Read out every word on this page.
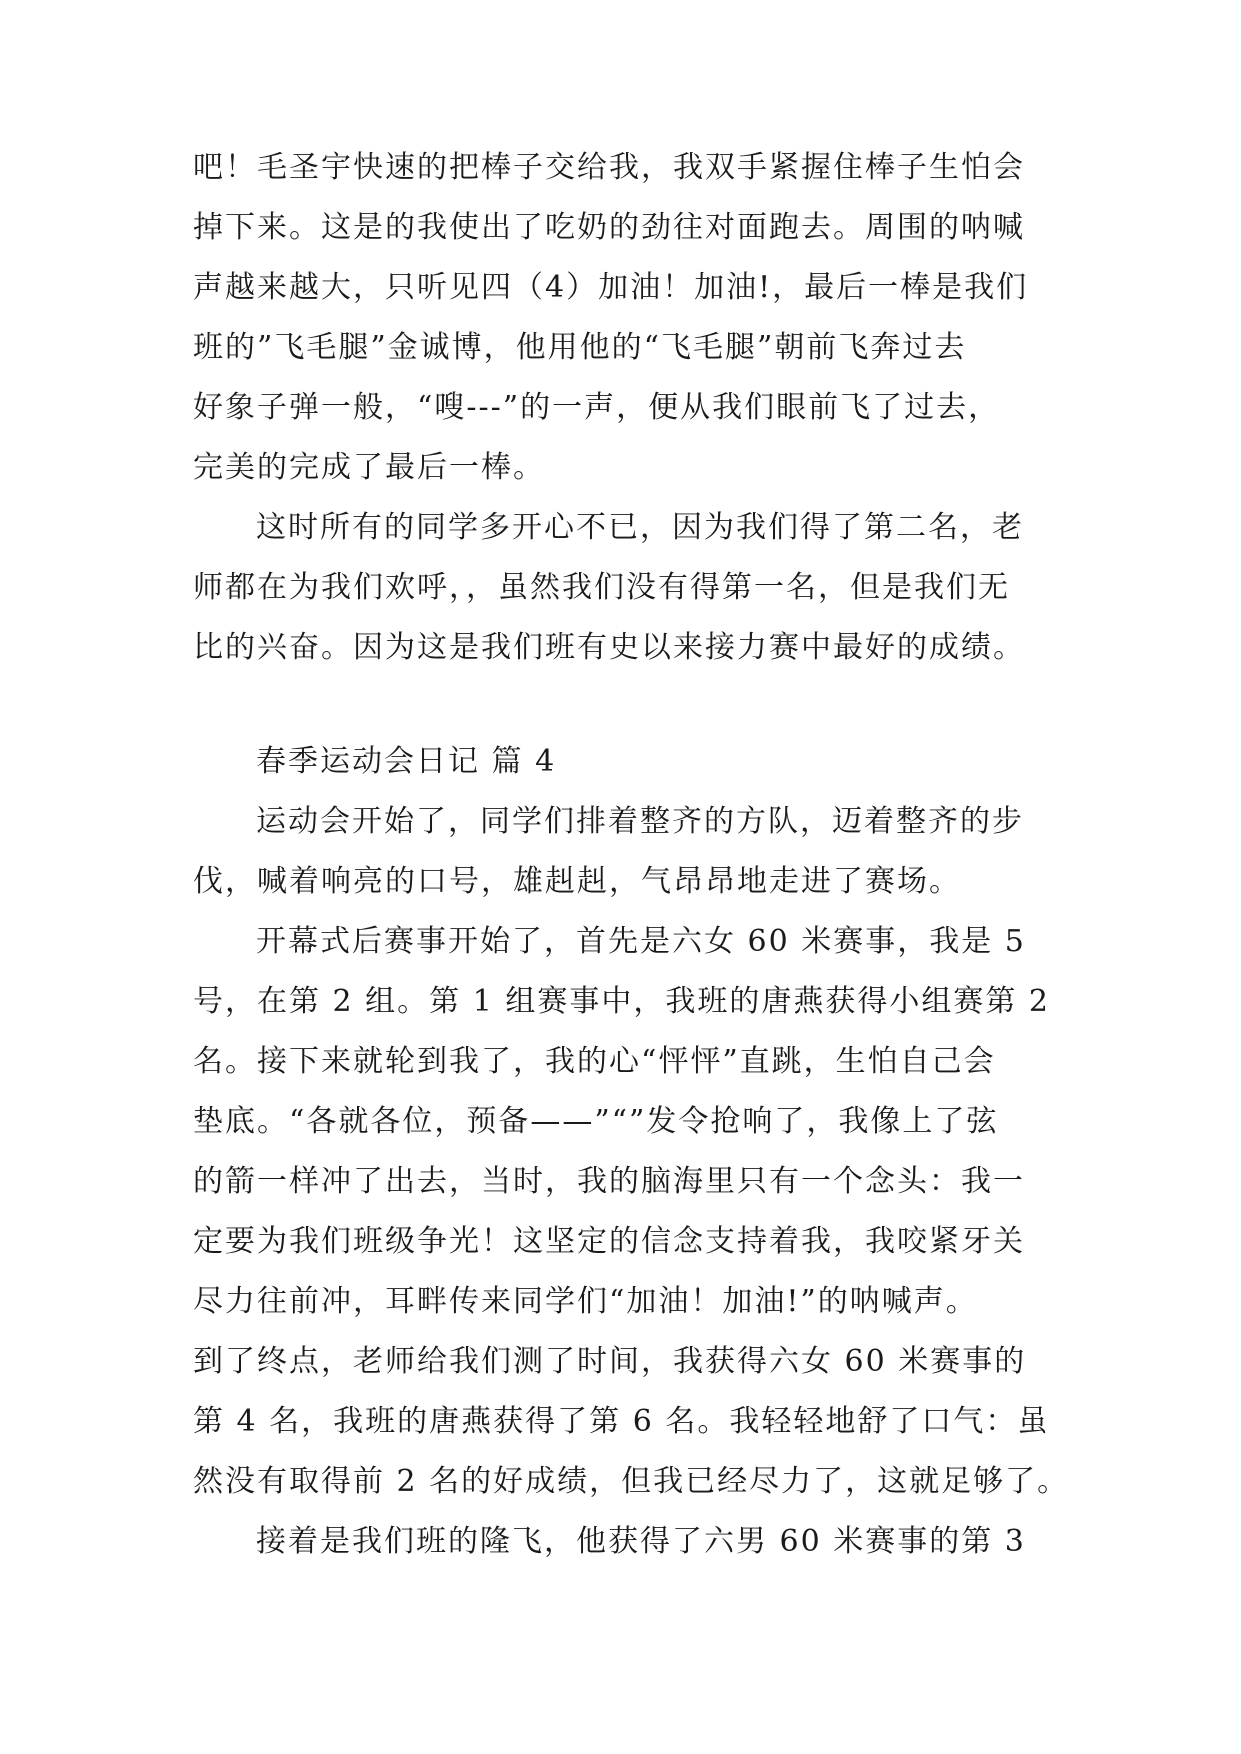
吧！毛圣宇快速的把棒子交给我，我双手紧握住棒子生怕会
掉下来。这是的我使出了吃奶的劲往对面跑去。周围的呐喊
声越来越大，只听见四（4）加油！加油!，最后一棒是我们
班的”飞毛腿”金诚博，他用他的“飞毛腿”朝前飞奔过去
好象子弹一般，“嗖---”的一声，便从我们眼前飞了过去，
完美的完成了最后一棒。
这时所有的同学多开心不已，因为我们得了第二名，老
师都在为我们欢呼，，虽然我们没有得第一名，但是我们无
比的兴奋。因为这是我们班有史以来接力赛中最好的成绩。
春季运动会日记 篇 4
运动会开始了，同学们排着整齐的方队，迈着整齐的步
伐，喊着响亮的口号，雄赳赳，气昂昂地走进了赛场。
开幕式后赛事开始了，首先是六女 60 米赛事，我是 5
号，在第 2 组。第 1 组赛事中，我班的唐燕获得小组赛第 2
名。接下来就轮到我了，我的心“怦怦”直跳，生怕自己会
垫底。“各就各位，预备——”“”发令抢响了，我像上了弦
的箭一样冲了出去，当时，我的脑海里只有一个念头：我一
定要为我们班级争光！这坚定的信念支持着我，我咬紧牙关
尽力往前冲，耳畔传来同学们“加油！加油!”的呐喊声。
到了终点，老师给我们测了时间，我获得六女 60 米赛事的
第 4 名，我班的唐燕获得了第 6 名。我轻轻地舒了口气：虽
然没有取得前 2 名的好成绩，但我已经尽力了，这就足够了。
接着是我们班的隆飞，他获得了六男 60 米赛事的第 3
